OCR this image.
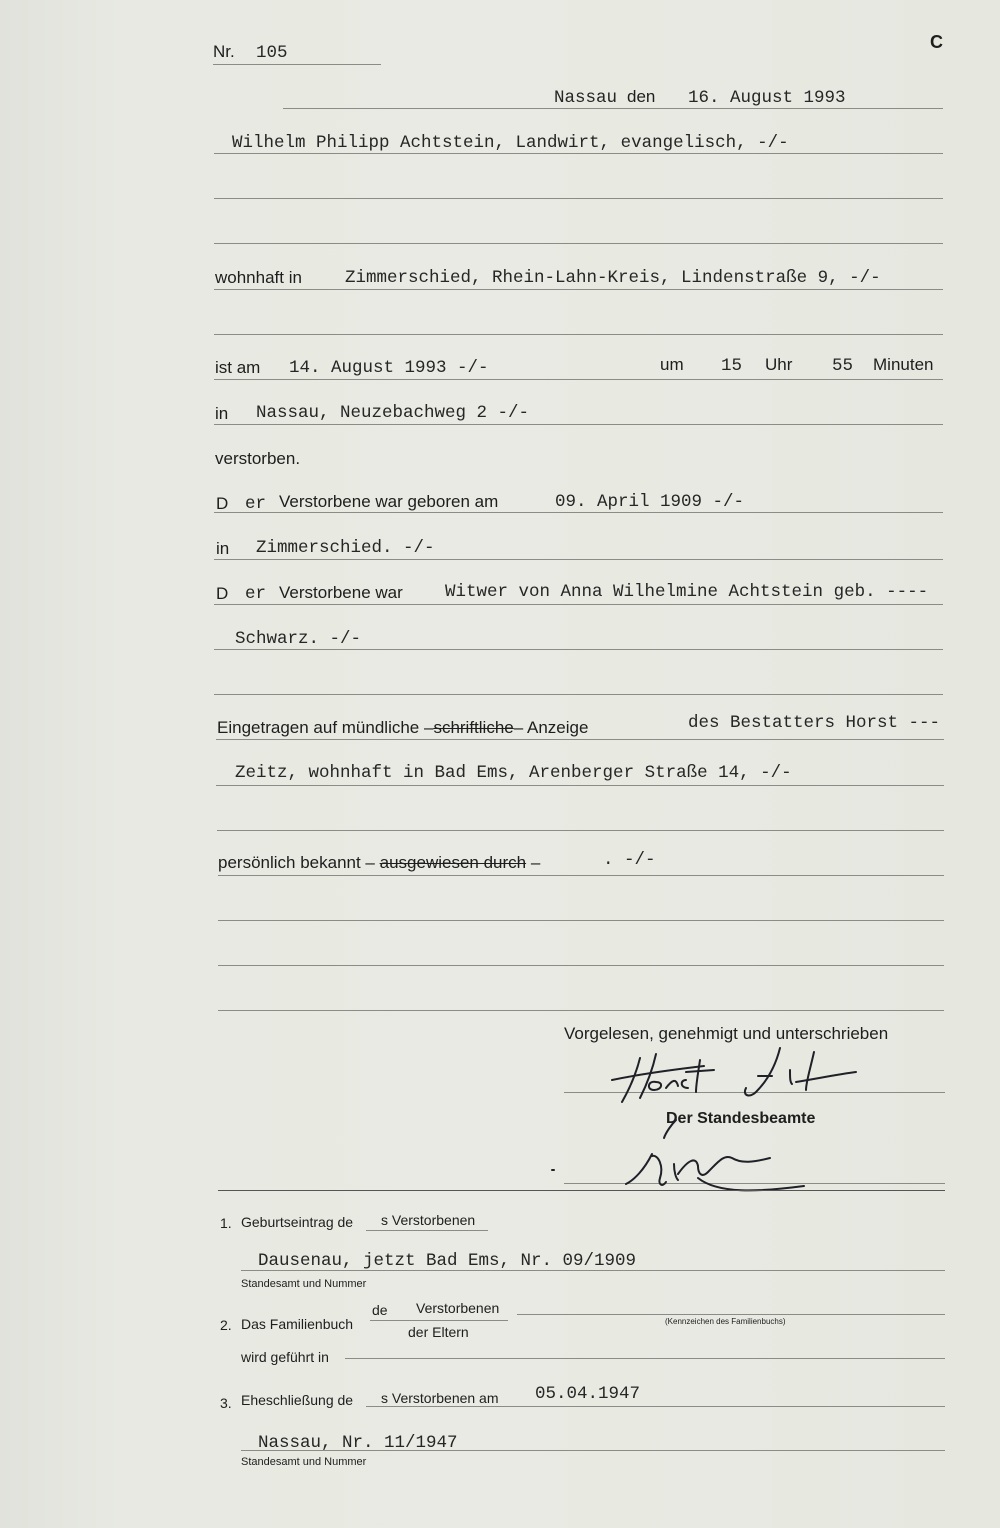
C
Nr. 105
Nassau den 16. August 1993
Wilhelm Philipp Achtstein, Landwirt, evangelisch, -/-
wohnhaft in Zimmerschied, Rhein-Lahn-Kreis, Lindenstraße 9, -/-
ist am 14. August 1993 -/-	um 15 Uhr 55 Minuten
in Nassau, Neuzebachweg 2 -/-
verstorben.
D er Verstorbene war geboren am	09. April 1909 -/-
in Zimmerschied. -/-
D er Verstorbene war Witwer von Anna Wilhelmine Achtstein geb. ----
Schwarz. -/-
Eingetragen auf mündliche –schriftliche– Anzeige	des Bestatters Horst ---
Zeitz, wohnhaft in Bad Ems, Arenberger Straße 14, -/-
persönlich bekannt – ausgewiesen durch –	. -/-
Vorgelesen, genehmigt und unterschrieben
Der Standesbeamte
1. Geburtseintrag de s Verstorbenen
Dausenau, jetzt Bad Ems, Nr. 09/1909
Standesamt und Nummer
de Verstorbenen
2. Das Familienbuch	(Kennzeichen des Familienbuchs)
der Eltern
wird geführt in
3. Eheschließung de s Verstorbenen am 05.04.1947
Nassau, Nr. 11/1947
Standesamt und Nummer
